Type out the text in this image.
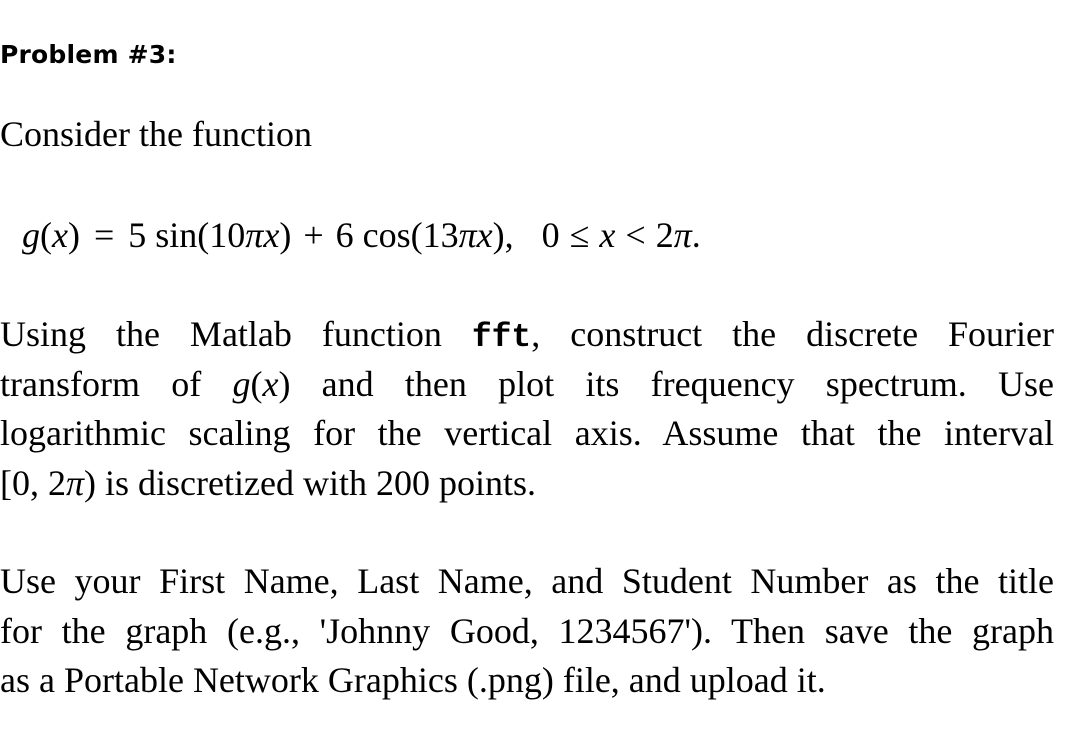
Problem #3:
Consider the function
g(x) = 5 sin(10πx) + 6 cos(13πx), 0 ≤ x < 2π.
Using the Matlab function fft, construct the discrete Fourier
transform of g(x) and then plot its frequency spectrum. Use
logarithmic scaling for the vertical axis. Assume that the interval
[0, 2π) is discretized with 200 points.
Use your First Name, Last Name, and Student Number as the title
for the graph (e.g., 'Johnny Good, 1234567'). Then save the graph
as a Portable Network Graphics (.png) file, and upload it.
